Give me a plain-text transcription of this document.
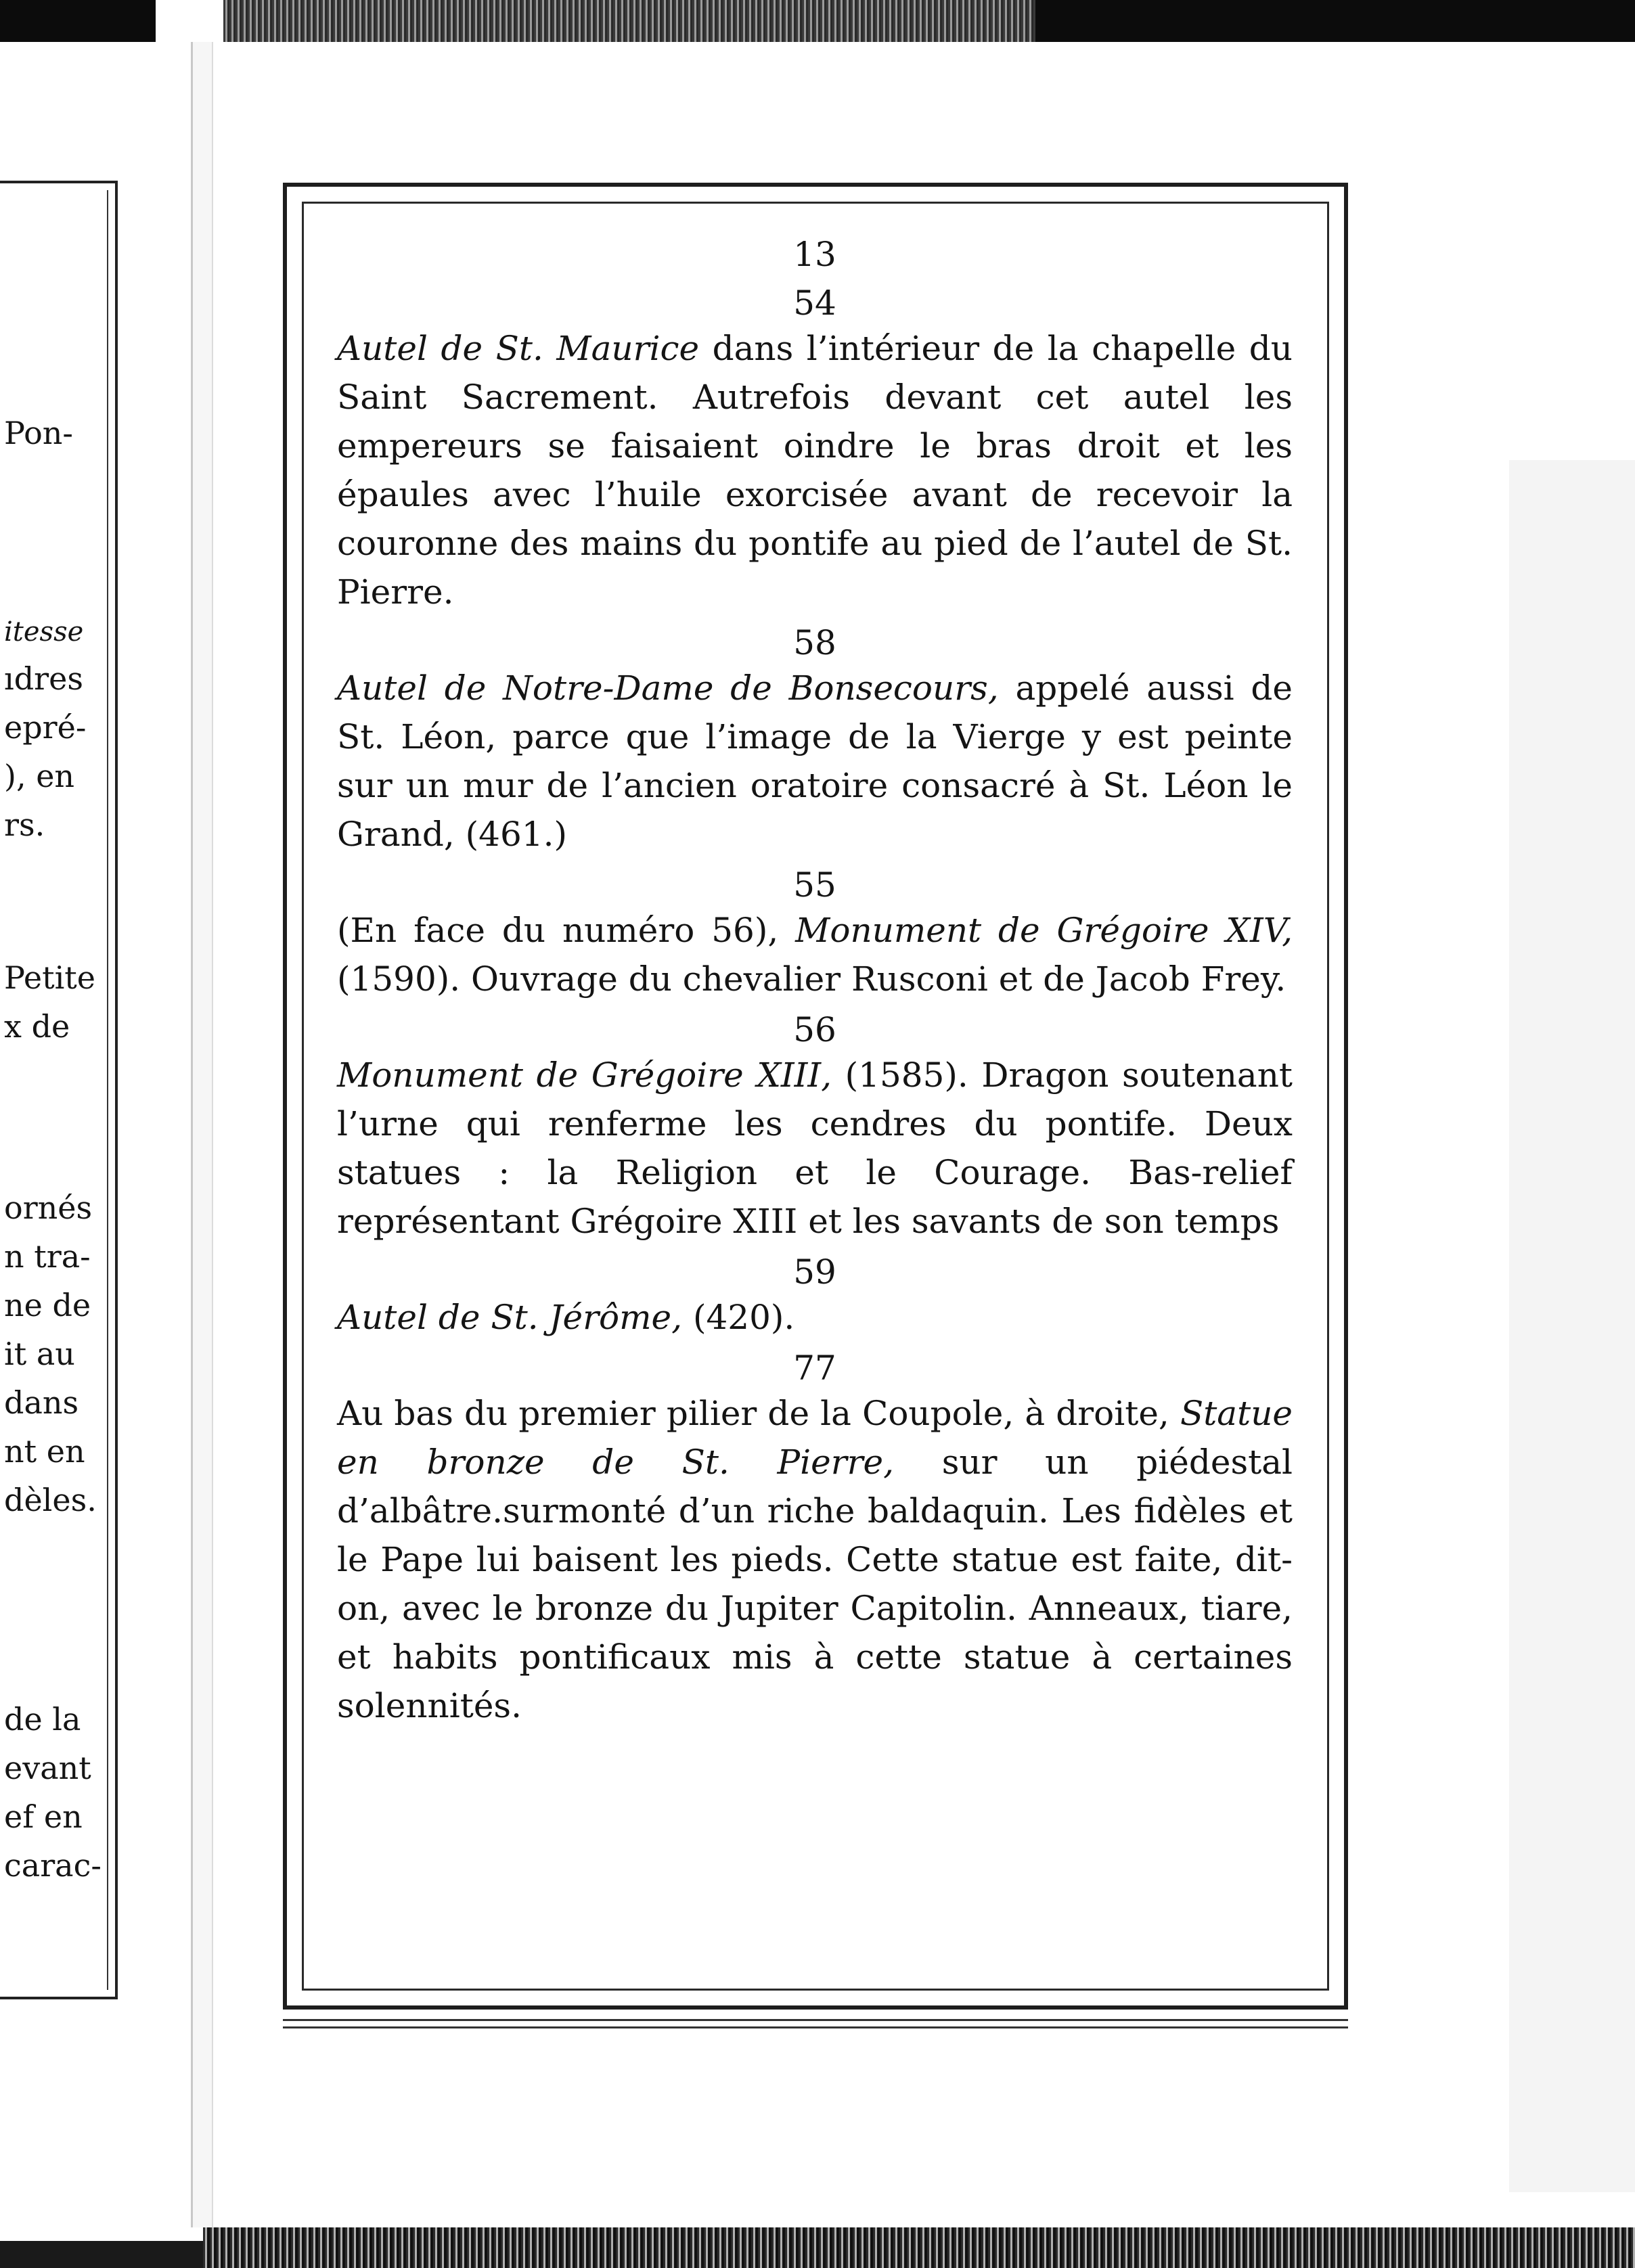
Pon-
itesse
ıdres
epré-
), en
rs.
Petite
x de
ornés
n tra-
ne de
it au
dans
nt en
dèles.
de la
evant
ef en
carac-
13
54

Autel de St. Maurice dans l’intérieur de la chapelle du Saint Sacrement. Autrefois devant cet autel les empereurs se faisaient oindre le bras droit et les épaules avec l’huile exorcisée avant de recevoir la couronne des mains du pontife au pied de l’autel de St. Pierre.

58

Autel de Notre-Dame de Bonsecours, appelé aussi de St. Léon, parce que l’image de la Vierge y est peinte sur un mur de l’ancien oratoire consacré à St. Léon le Grand, (461.)

55

(En face du numéro 56), Monument de Grégoire XIV, (1590). Ouvrage du chevalier Rusconi et de Jacob Frey.

56

Monument de Grégoire XIII, (1585). Dragon soutenant l’urne qui renferme les cendres du pontife. Deux statues : la Religion et le Courage. Bas-relief représentant Grégoire XIII et les savants de son temps

59

Autel de St. Jérôme, (420).

77

Au bas du premier pilier de la Coupole, à droite, Statue en bronze de St. Pierre, sur un piédestal d’albâtre.surmonté d’un riche baldaquin. Les fidèles et le Pape lui baisent les pieds. Cette statue est faite, dit-on, avec le bronze du Jupiter Capitolin. Anneaux, tiare, et habits pontificaux mis à cette statue à certaines solennités.
